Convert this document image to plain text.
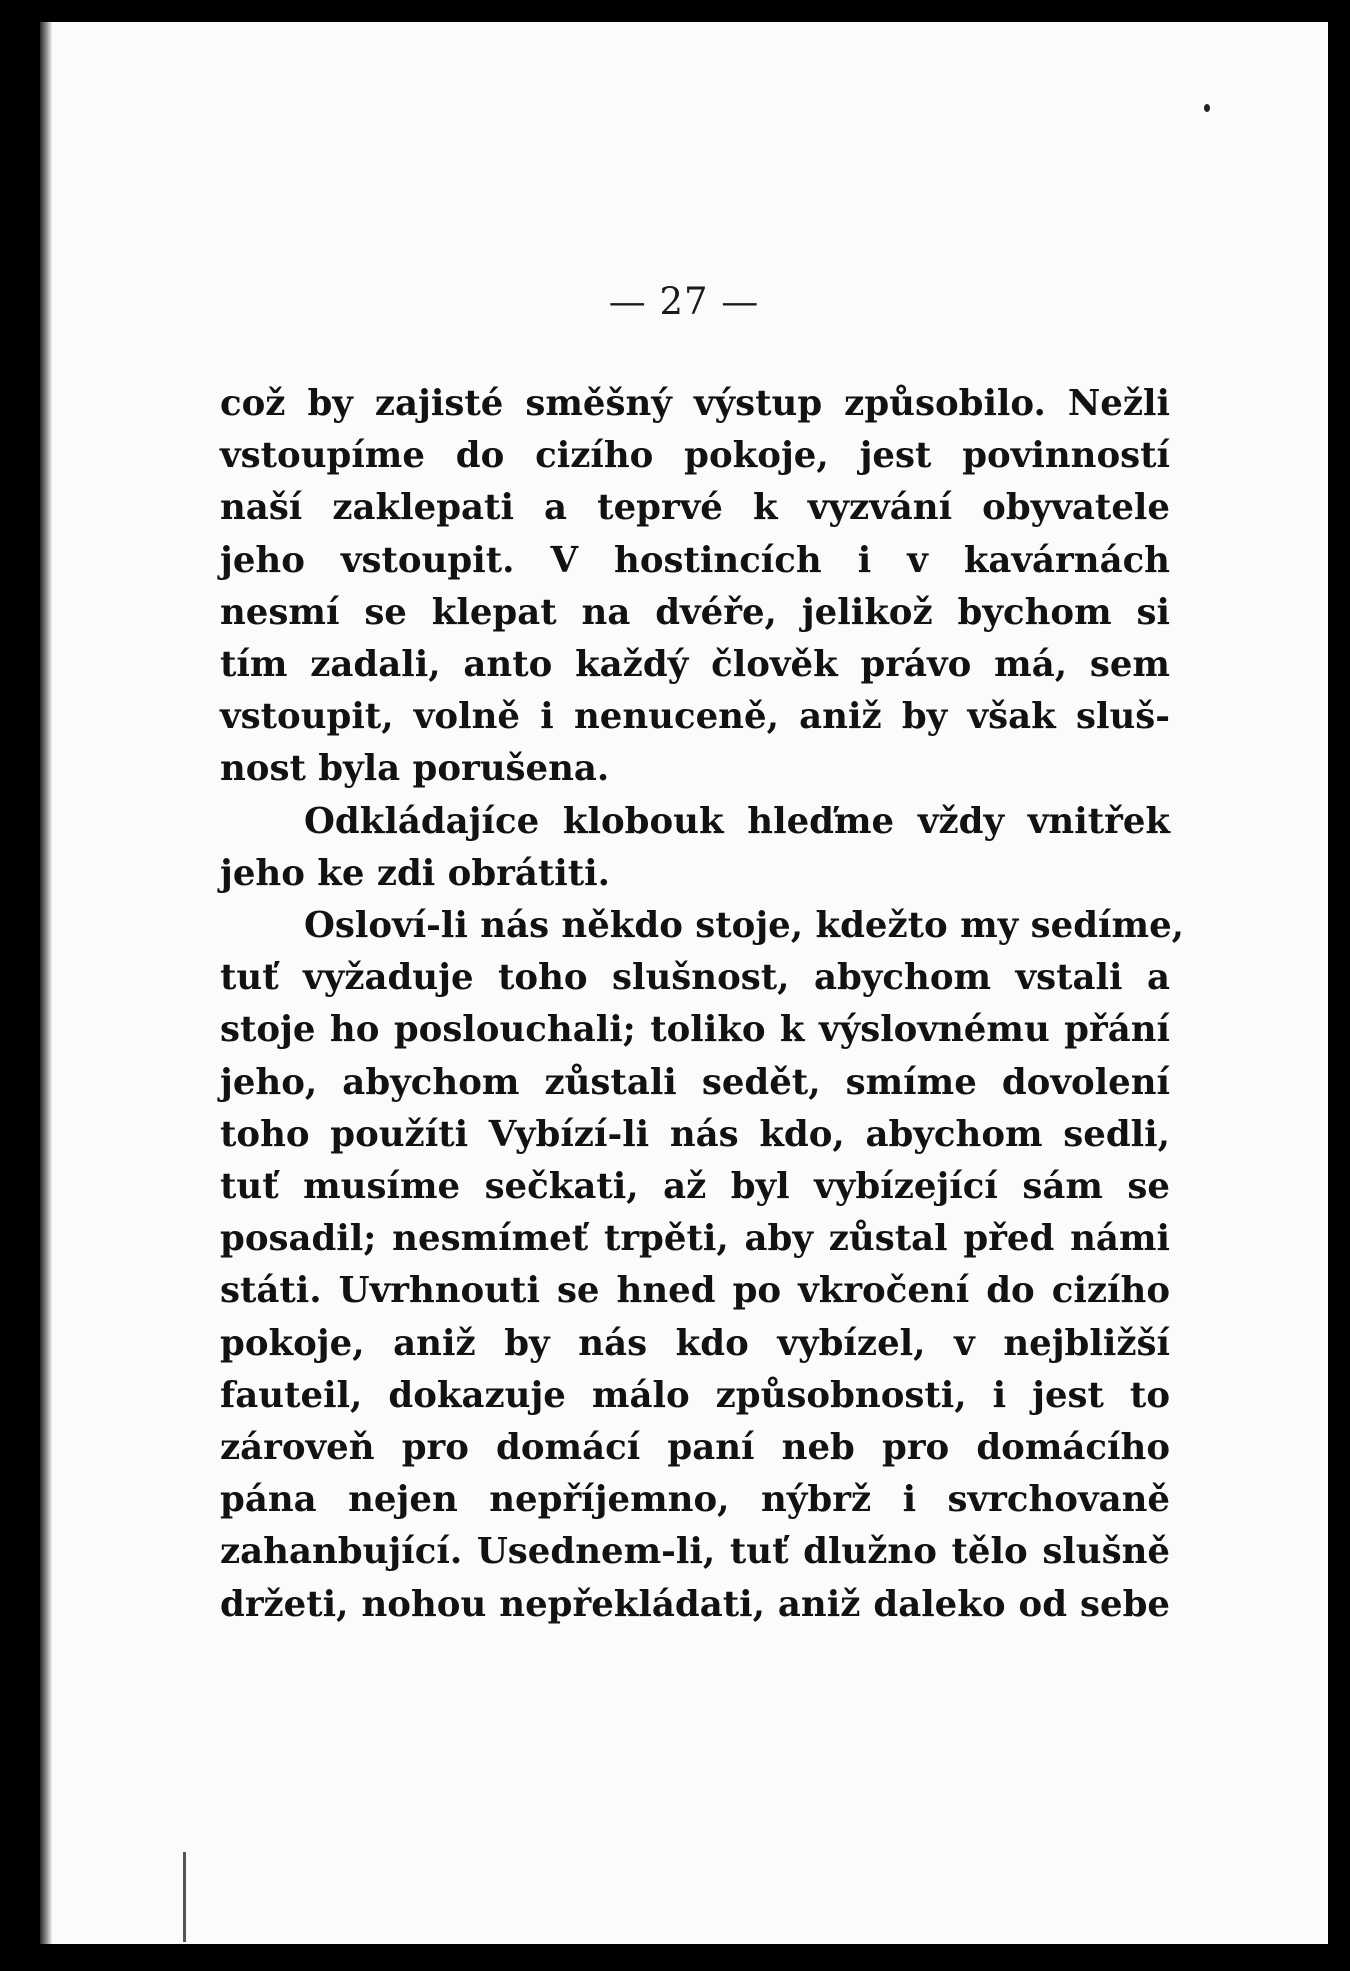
— 27 —
což by zajisté směšný výstup způsobilo. Nežli
vstoupíme do cizího pokoje, jest povinností
naší zaklepati a teprvé k vyzvání obyvatele
jeho vstoupit. V hostincích i v kavárnách
nesmí se klepat na dvéře, jelikož bychom si
tím zadali, anto každý člověk právo má, sem
vstoupit, volně i nenuceně, aniž by však sluš-
nost byla porušena.
Odkládajíce klobouk hleďme vždy vnitřek
jeho ke zdi obrátiti.
Osloví-li nás někdo stoje, kdežto my sedíme,
tuť vyžaduje toho slušnost, abychom vstali a
stoje ho poslouchali; toliko k výslovnému přání
jeho, abychom zůstali sedět, smíme dovolení
toho použíti Vybízí-li nás kdo, abychom sedli,
tuť musíme sečkati, až byl vybízející sám se
posadil; nesmímeť trpěti, aby zůstal před námi
státi. Uvrhnouti se hned po vkročení do cizího
pokoje, aniž by nás kdo vybízel, v nejbližší
fauteil, dokazuje málo způsobnosti, i jest to
zároveň pro domácí paní neb pro domácího
pána nejen nepříjemno, nýbrž i svrchovaně
zahanbující. Usednem-li, tuť dlužno tělo slušně
držeti, nohou nepřekládati, aniž daleko od sebe
